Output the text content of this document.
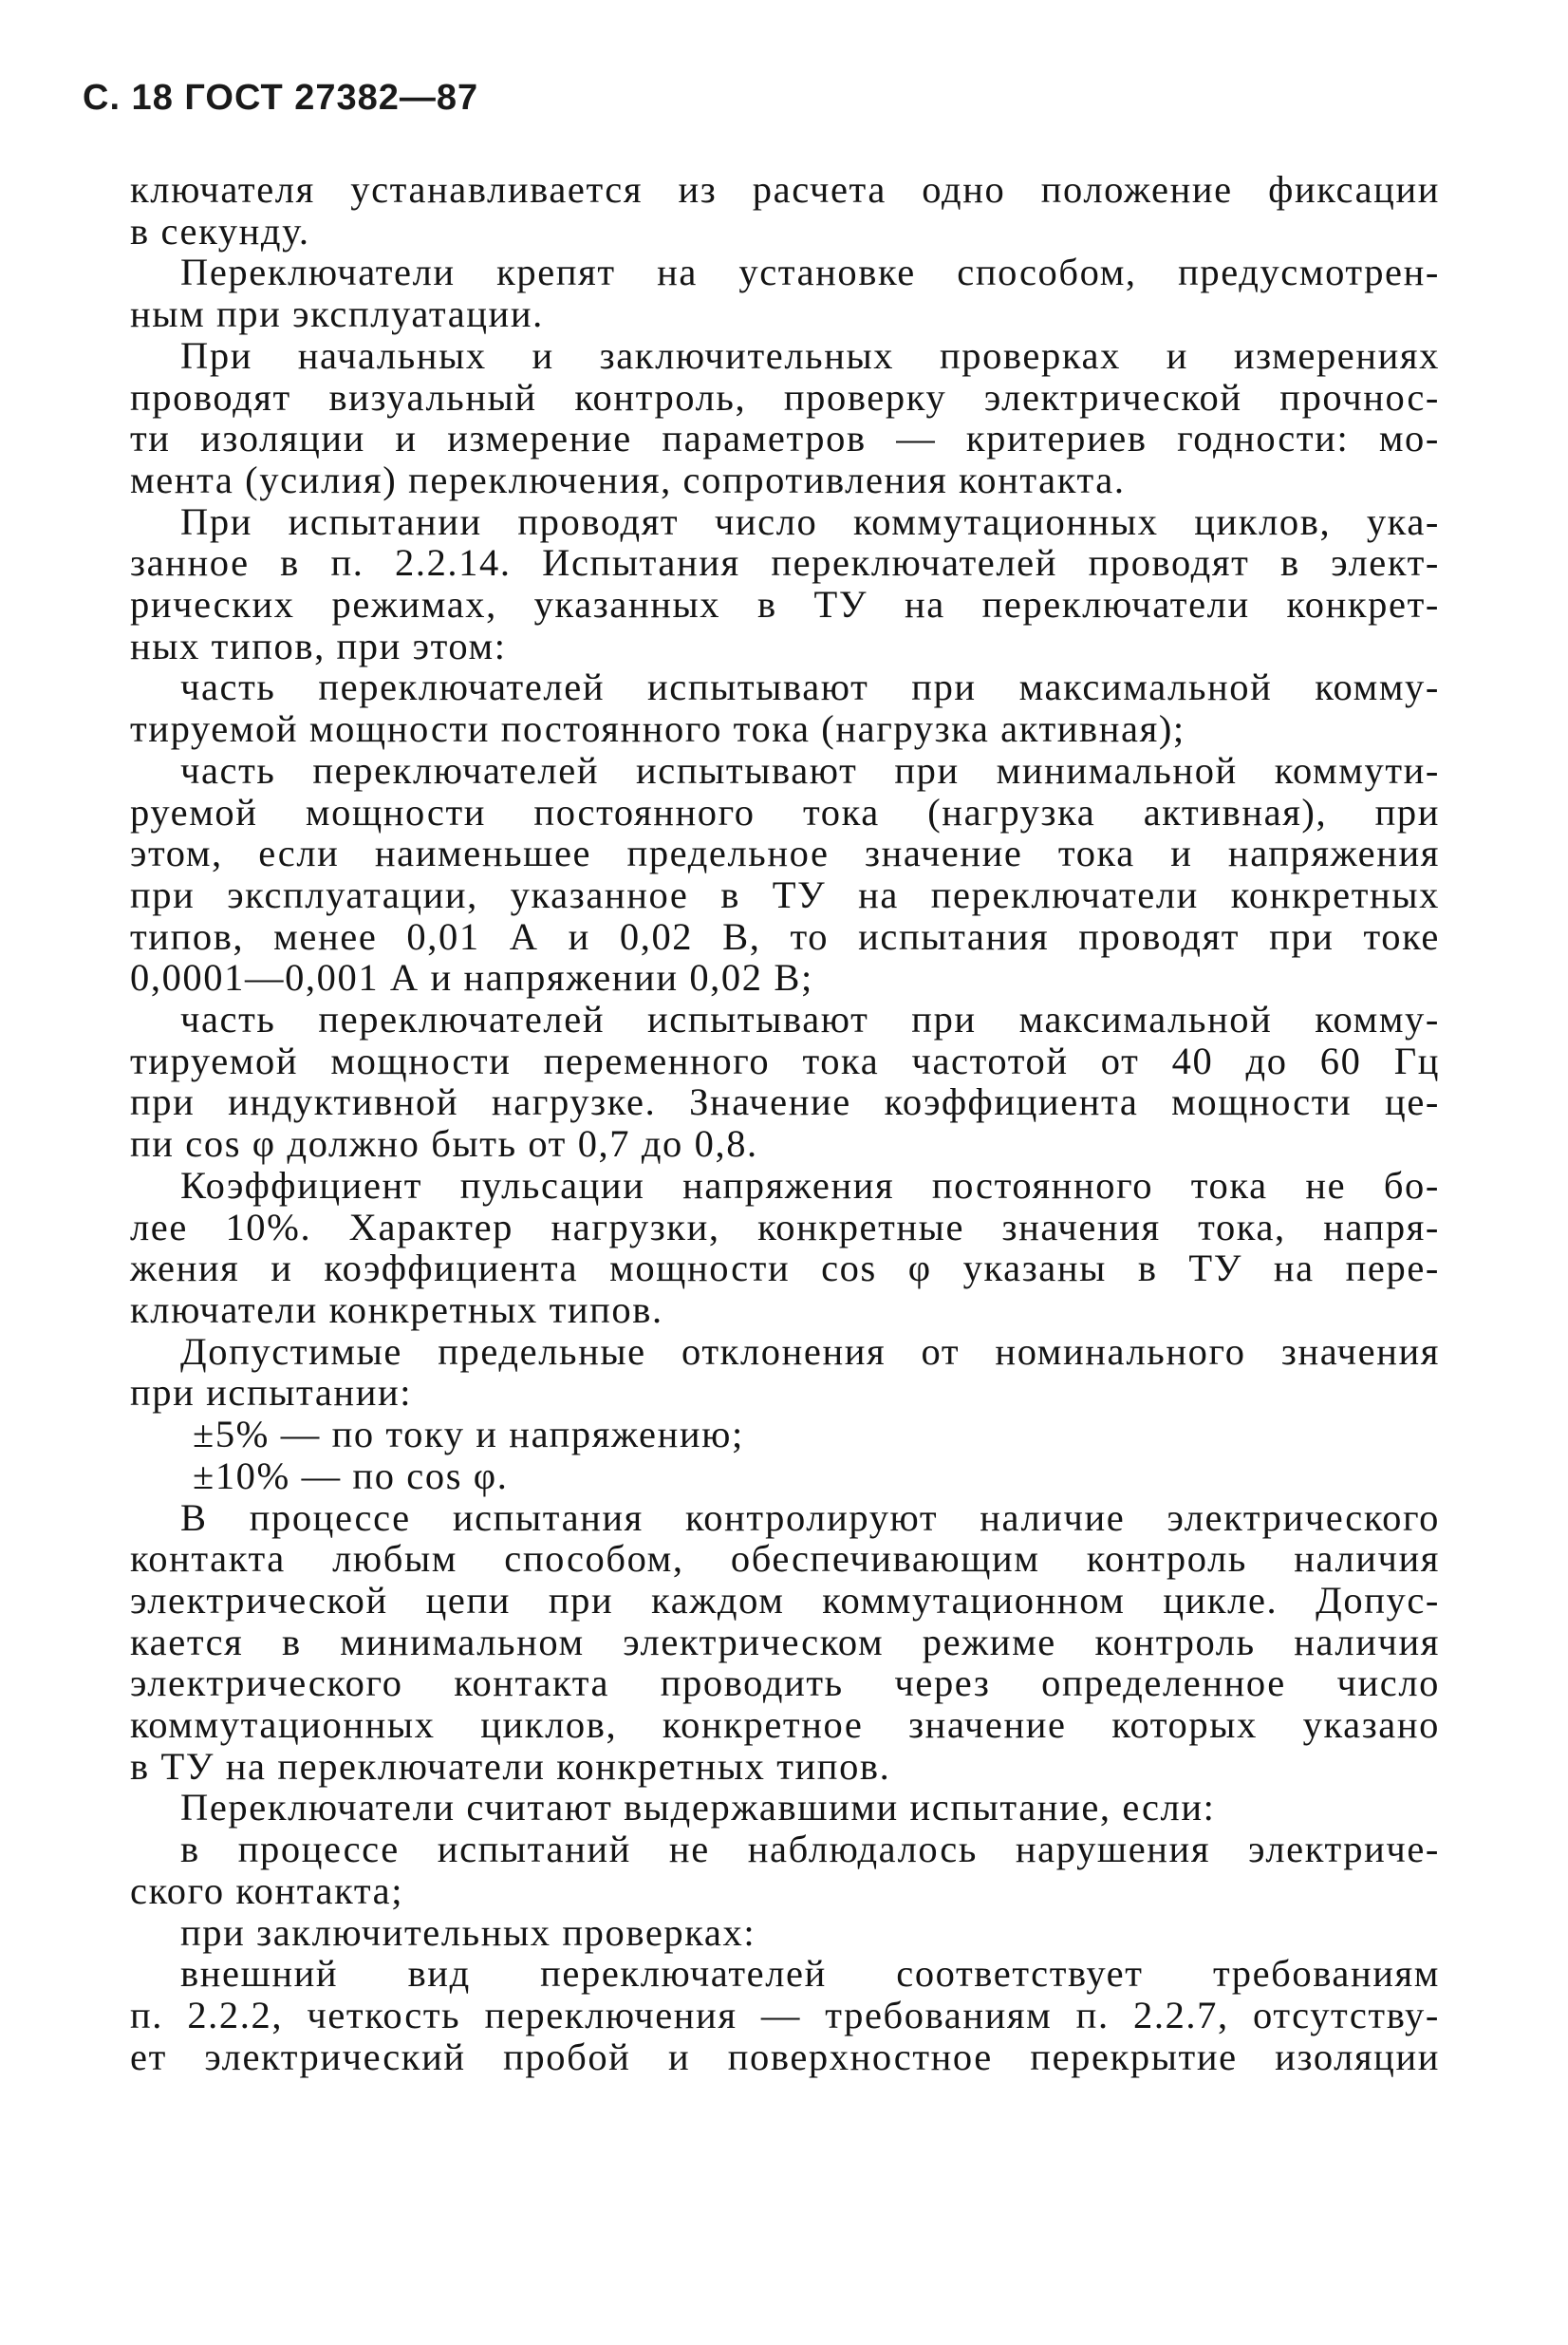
С. 18 ГОСТ 27382—87
ключателя устанавливается из расчета одно положение фиксации
в секунду.
Переключатели крепят на установке способом, предусмотрен-
ным при эксплуатации.
При начальных и заключительных проверках и измерениях
проводят визуальный контроль, проверку электрической прочнос-
ти изоляции и измерение параметров — критериев годности: мо-
мента (усилия) переключения, сопротивления контакта.
При испытании проводят число коммутационных циклов, ука-
занное в п. 2.2.14. Испытания переключателей проводят в элект-
рических режимах, указанных в ТУ на переключатели конкрет-
ных типов, при этом:
часть переключателей испытывают при максимальной комму-
тируемой мощности постоянного тока (нагрузка активная);
часть переключателей испытывают при минимальной коммути-
руемой мощности постоянного тока (нагрузка активная), при
этом, если наименьшее предельное значение тока и напряжения
при эксплуатации, указанное в ТУ на переключатели конкретных
типов, менее 0,01 А и 0,02 В, то испытания проводят при токе
0,0001—0,001 А и напряжении 0,02 В;
часть переключателей испытывают при максимальной комму-
тируемой мощности переменного тока частотой от 40 до 60 Гц
при индуктивной нагрузке. Значение коэффициента мощности це-
пи cos φ должно быть от 0,7 до 0,8.
Коэффициент пульсации напряжения постоянного тока не бо-
лее 10%. Характер нагрузки, конкретные значения тока, напря-
жения и коэффициента мощности cos φ указаны в ТУ на пере-
ключатели конкретных типов.
Допустимые предельные отклонения от номинального значения
при испытании:
±5% — по току и напряжению;
±10% — по cos φ.
В процессе испытания контролируют наличие электрического
контакта любым способом, обеспечивающим контроль наличия
электрической цепи при каждом коммутационном цикле. Допус-
кается в минимальном электрическом режиме контроль наличия
электрического контакта проводить через определенное число
коммутационных циклов, конкретное значение которых указано
в ТУ на переключатели конкретных типов.
Переключатели считают выдержавшими испытание, если:
в процессе испытаний не наблюдалось нарушения электриче-
ского контакта;
при заключительных проверках:
внешний вид переключателей соответствует требованиям
п. 2.2.2, четкость переключения — требованиям п. 2.2.7, отсутству-
ет электрический пробой и поверхностное перекрытие изоляции
